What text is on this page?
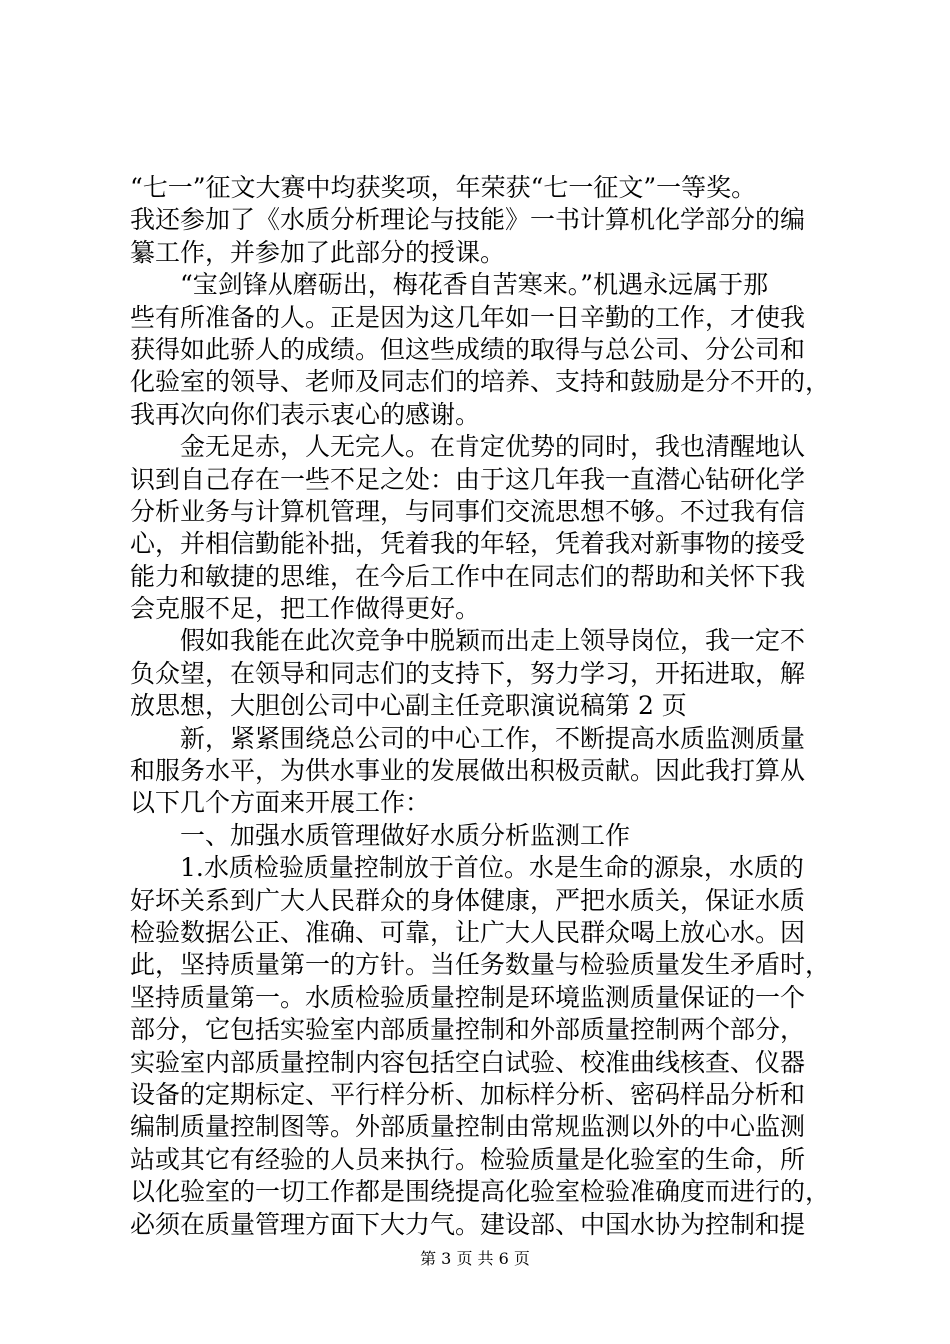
“七一”征文大赛中均获奖项，年荣获“七一征文”一等奖。
我还参加了《水质分析理论与技能》一书计算机化学部分的编
纂工作，并参加了此部分的授课。
　　“宝剑锋从磨砺出，梅花香自苦寒来。”机遇永远属于那
些有所准备的人。正是因为这几年如一日辛勤的工作，才使我
获得如此骄人的成绩。但这些成绩的取得与总公司、分公司和
化验室的领导、老师及同志们的培养、支持和鼓励是分不开的，
我再次向你们表示衷心的感谢。
　　金无足赤，人无完人。在肯定优势的同时，我也清醒地认
识到自己存在一些不足之处：由于这几年我一直潜心钻研化学
分析业务与计算机管理，与同事们交流思想不够。不过我有信
心，并相信勤能补拙，凭着我的年轻，凭着我对新事物的接受
能力和敏捷的思维，在今后工作中在同志们的帮助和关怀下我
会克服不足，把工作做得更好。
　　假如我能在此次竞争中脱颖而出走上领导岗位，我一定不
负众望，在领导和同志们的支持下，努力学习，开拓进取，解
放思想，大胆创公司中心副主任竞职演说稿第 2 页
　　新，紧紧围绕总公司的中心工作，不断提高水质监测质量
和服务水平，为供水事业的发展做出积极贡献。因此我打算从
以下几个方面来开展工作：
　　一、加强水质管理做好水质分析监测工作
　　1.水质检验质量控制放于首位。水是生命的源泉，水质的
好坏关系到广大人民群众的身体健康，严把水质关，保证水质
检验数据公正、准确、可靠，让广大人民群众喝上放心水。因
此，坚持质量第一的方针。当任务数量与检验质量发生矛盾时，
坚持质量第一。水质检验质量控制是环境监测质量保证的一个
部分，它包括实验室内部质量控制和外部质量控制两个部分，
实验室内部质量控制内容包括空白试验、校准曲线核查、仪器
设备的定期标定、平行样分析、加标样分析、密码样品分析和
编制质量控制图等。外部质量控制由常规监测以外的中心监测
站或其它有经验的人员来执行。检验质量是化验室的生命，所
以化验室的一切工作都是围绕提高化验室检验准确度而进行的，
必须在质量管理方面下大力气。建设部、中国水协为控制和提
第 3 页 共 6 页
